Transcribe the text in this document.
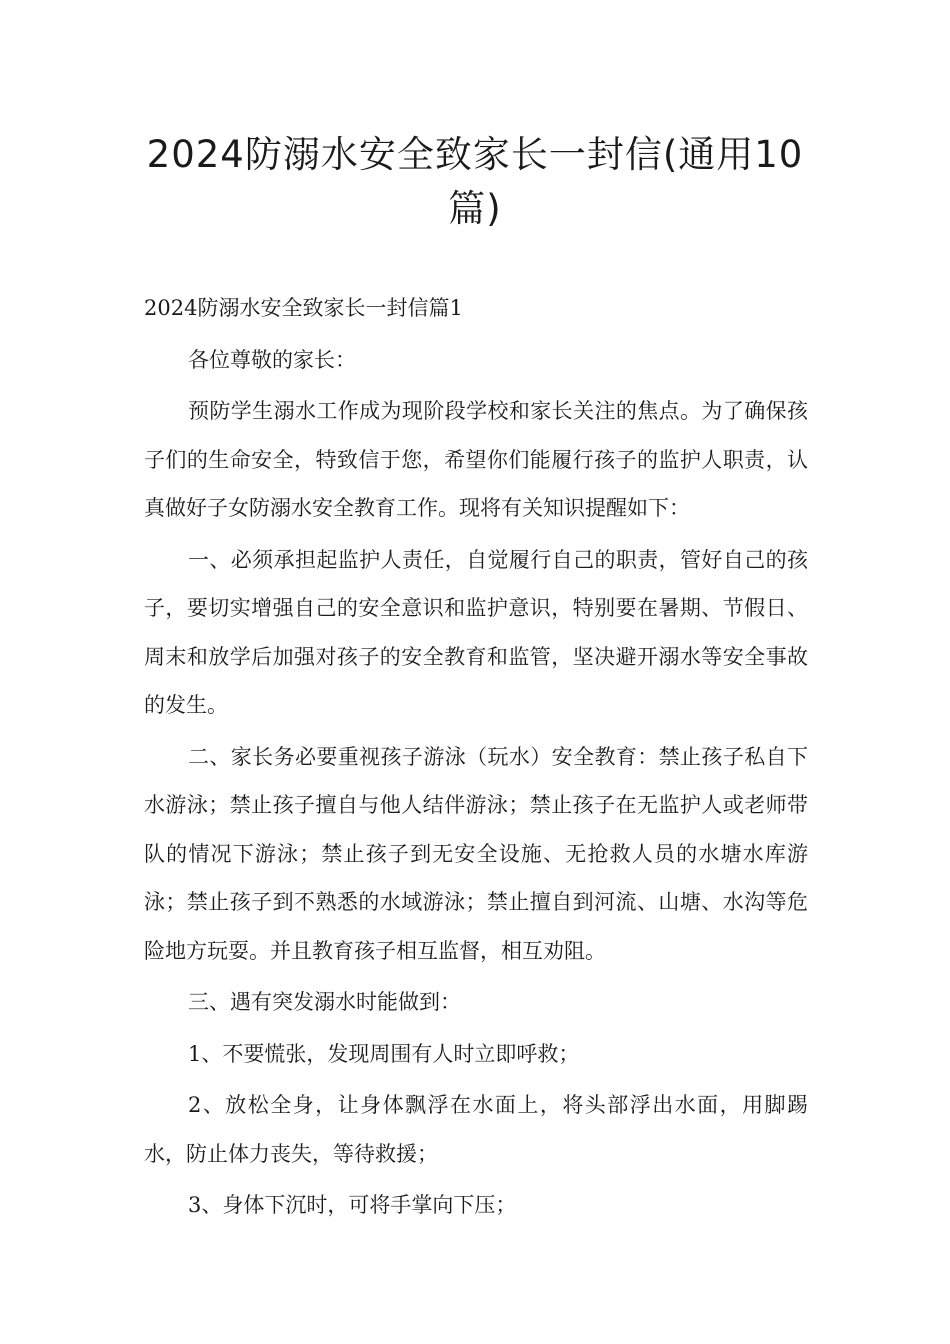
2024防溺水安全致家长一封信(通用10篇)

2024防溺水安全致家长一封信篇1

各位尊敬的家长：

预防学生溺水工作成为现阶段学校和家长关注的焦点。为了确保孩子们的生命安全，特致信于您，希望你们能履行孩子的监护人职责，认真做好子女防溺水安全教育工作。现将有关知识提醒如下：

一、必须承担起监护人责任，自觉履行自己的职责，管好自己的孩子，要切实增强自己的安全意识和监护意识，特别要在暑期、节假日、周末和放学后加强对孩子的安全教育和监管，坚决避开溺水等安全事故的发生。

二、家长务必要重视孩子游泳（玩水）安全教育：禁止孩子私自下水游泳；禁止孩子擅自与他人结伴游泳；禁止孩子在无监护人或老师带队的情况下游泳；禁止孩子到无安全设施、无抢救人员的水塘水库游泳；禁止孩子到不熟悉的水域游泳；禁止擅自到河流、山塘、水沟等危险地方玩耍。并且教育孩子相互监督，相互劝阻。

三、遇有突发溺水时能做到：

1、不要慌张，发现周围有人时立即呼救；

2、放松全身，让身体飘浮在水面上，将头部浮出水面，用脚踢水，防止体力丧失，等待救援；

3、身体下沉时，可将手掌向下压；
